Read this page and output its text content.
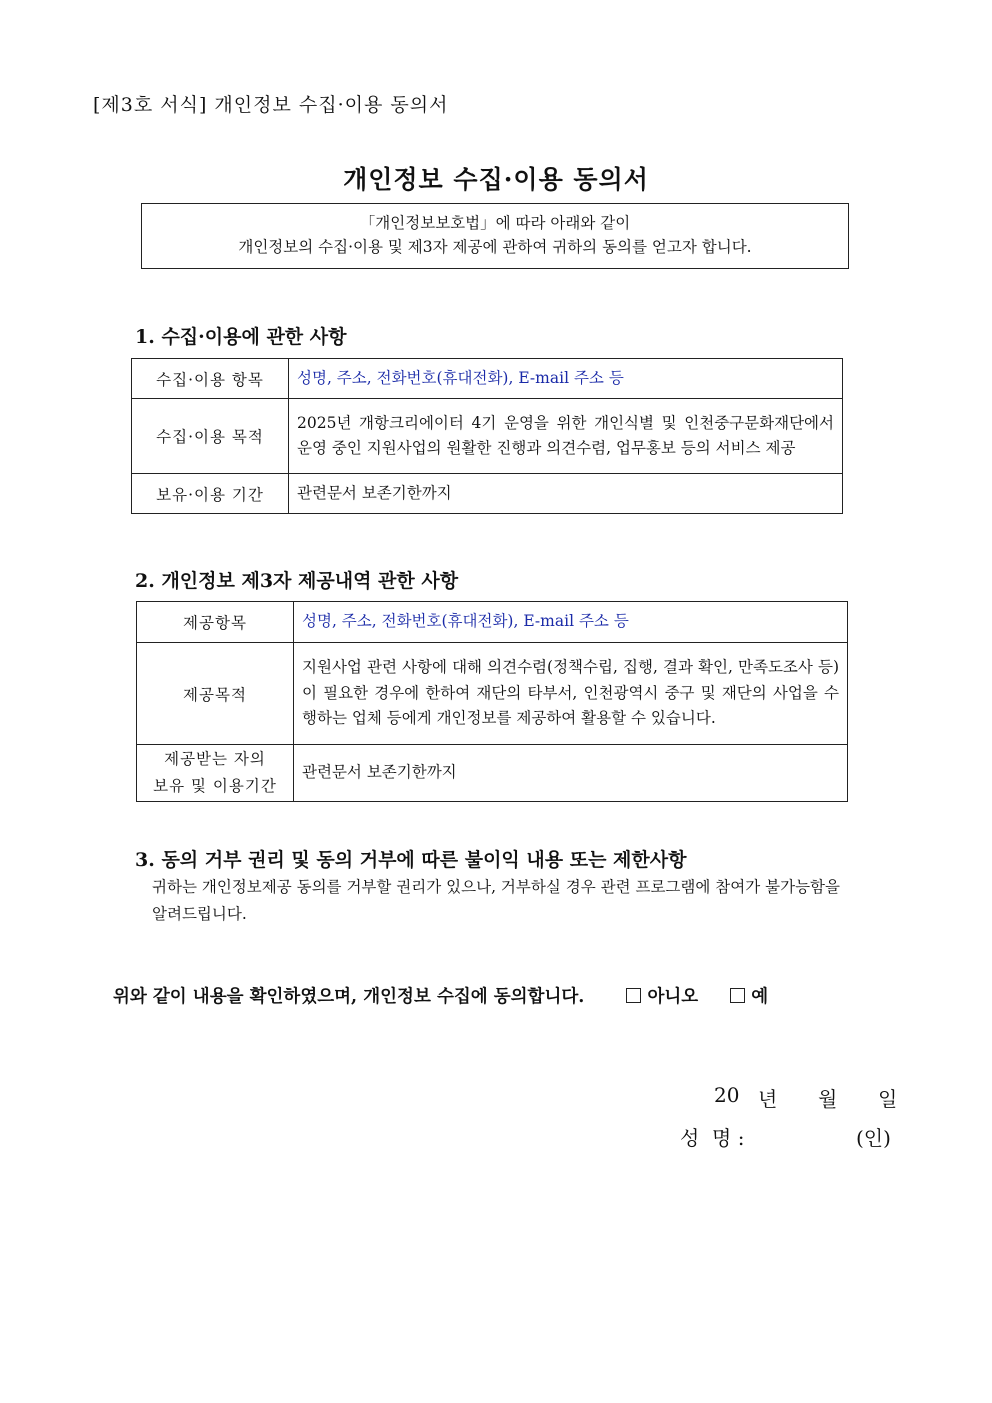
[제3호 서식] 개인정보 수집·이용 동의서
개인정보 수집·이용 동의서
「개인정보보호법」에 따라 아래와 같이
개인정보의 수집·이용 및 제3자 제공에 관하여 귀하의 동의를 얻고자 합니다.
1. 수집·이용에 관한 사항
수집·이용 항목	성명, 주소, 전화번호(휴대전화), E-mail 주소 등
수집·이용 목적	2025년 개항크리에이터 4기 운영을 위한 개인식별 및 인천중구문화재단에서 운영 중인 지원사업의 원활한 진행과 의견수렴, 업무홍보 등의 서비스 제공
보유·이용 기간	관련문서 보존기한까지
2. 개인정보 제3자 제공내역 관한 사항
제공항목	성명, 주소, 전화번호(휴대전화), E-mail 주소 등
제공목적	지원사업 관련 사항에 대해 의견수렴(정책수립, 집행, 결과 확인, 만족도조사 등)이 필요한 경우에 한하여 재단의 타부서, 인천광역시 중구 및 재단의 사업을 수행하는 업체 등에게 개인정보를 제공하여 활용할 수 있습니다.

제공받는 자의
보유 및 이용기간	관련문서 보존기한까지
3. 동의 거부 권리 및 동의 거부에 따른 불이익 내용 또는 제한사항
귀하는 개인정보제공 동의를 거부할 권리가 있으나, 거부하실 경우 관련 프로그램에 참여가 불가능함을 알려드립니다.
위와 같이 내용을 확인하였으며, 개인정보 수집에 동의합니다.	아니오	예
20 년 월 일
성  명 :	(인)
